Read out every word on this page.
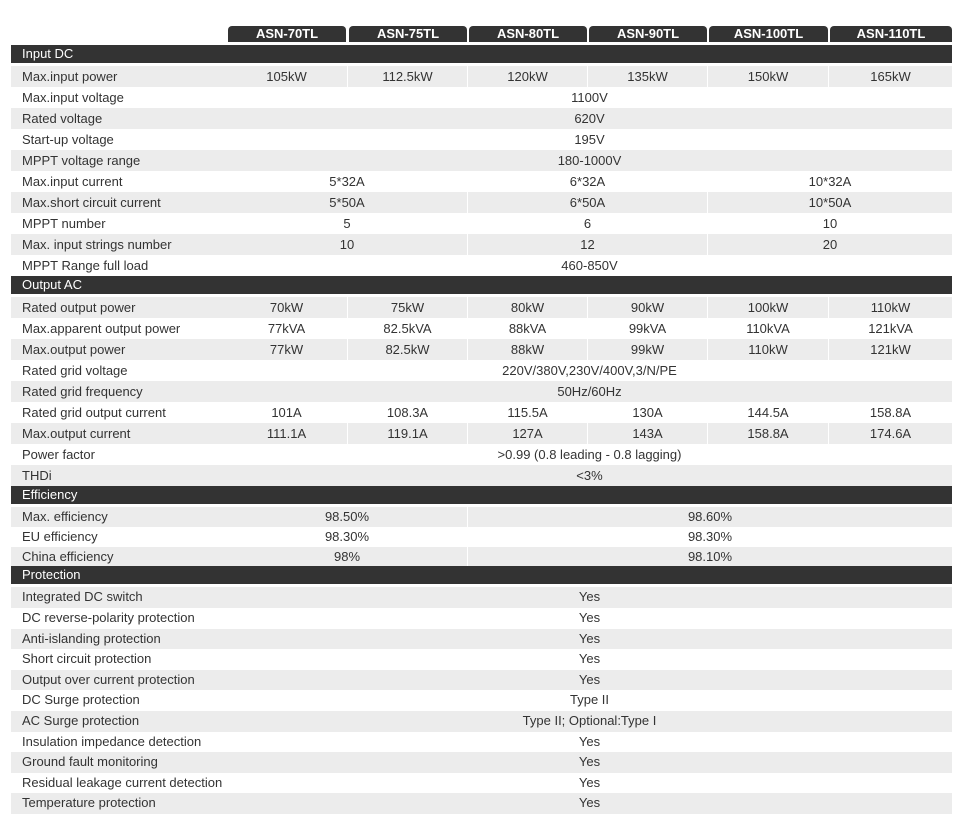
ASN-70TL	ASN-75TL	ASN-80TL	ASN-90TL	ASN-100TL	ASN-110TL
Input DC
Max.input power	105kW	112.5kW	120kW	135kW	150kW	165kW
Max.input voltage	1100V
Rated voltage	620V
Start-up voltage	195V
MPPT voltage range	180-1000V
Max.input current	5*32A	6*32A	10*32A
Max.short circuit current	5*50A	6*50A	10*50A
MPPT number	5	6	10
Max. input strings number	10	12	20
MPPT Range full load	460-850V
Output AC
Rated output power	70kW	75kW	80kW	90kW	100kW	110kW
Max.apparent output power	77kVA	82.5kVA	88kVA	99kVA	110kVA	121kVA
Max.output power	77kW	82.5kW	88kW	99kW	110kW	121kW
Rated grid voltage	220V/380V,230V/400V,3/N/PE
Rated grid frequency	50Hz/60Hz
Rated grid output current	101A	108.3A	115.5A	130A	144.5A	158.8A
Max.output current	111.1A	119.1A	127A	143A	158.8A	174.6A
Power factor	>0.99 (0.8 leading - 0.8 lagging)
THDi	<3%
Efficiency
Max. efficiency	98.50%	98.60%
EU efficiency	98.30%	98.30%
China efficiency	98%	98.10%
Protection
Integrated DC switch	Yes
DC reverse-polarity protection	Yes
Anti-islanding protection	Yes
Short circuit protection	Yes
Output over current protection	Yes
DC Surge protection	Type II
AC Surge protection	Type II; Optional:Type I
Insulation impedance detection	Yes
Ground fault monitoring	Yes
Residual leakage current detection	Yes
Temperature protection	Yes
